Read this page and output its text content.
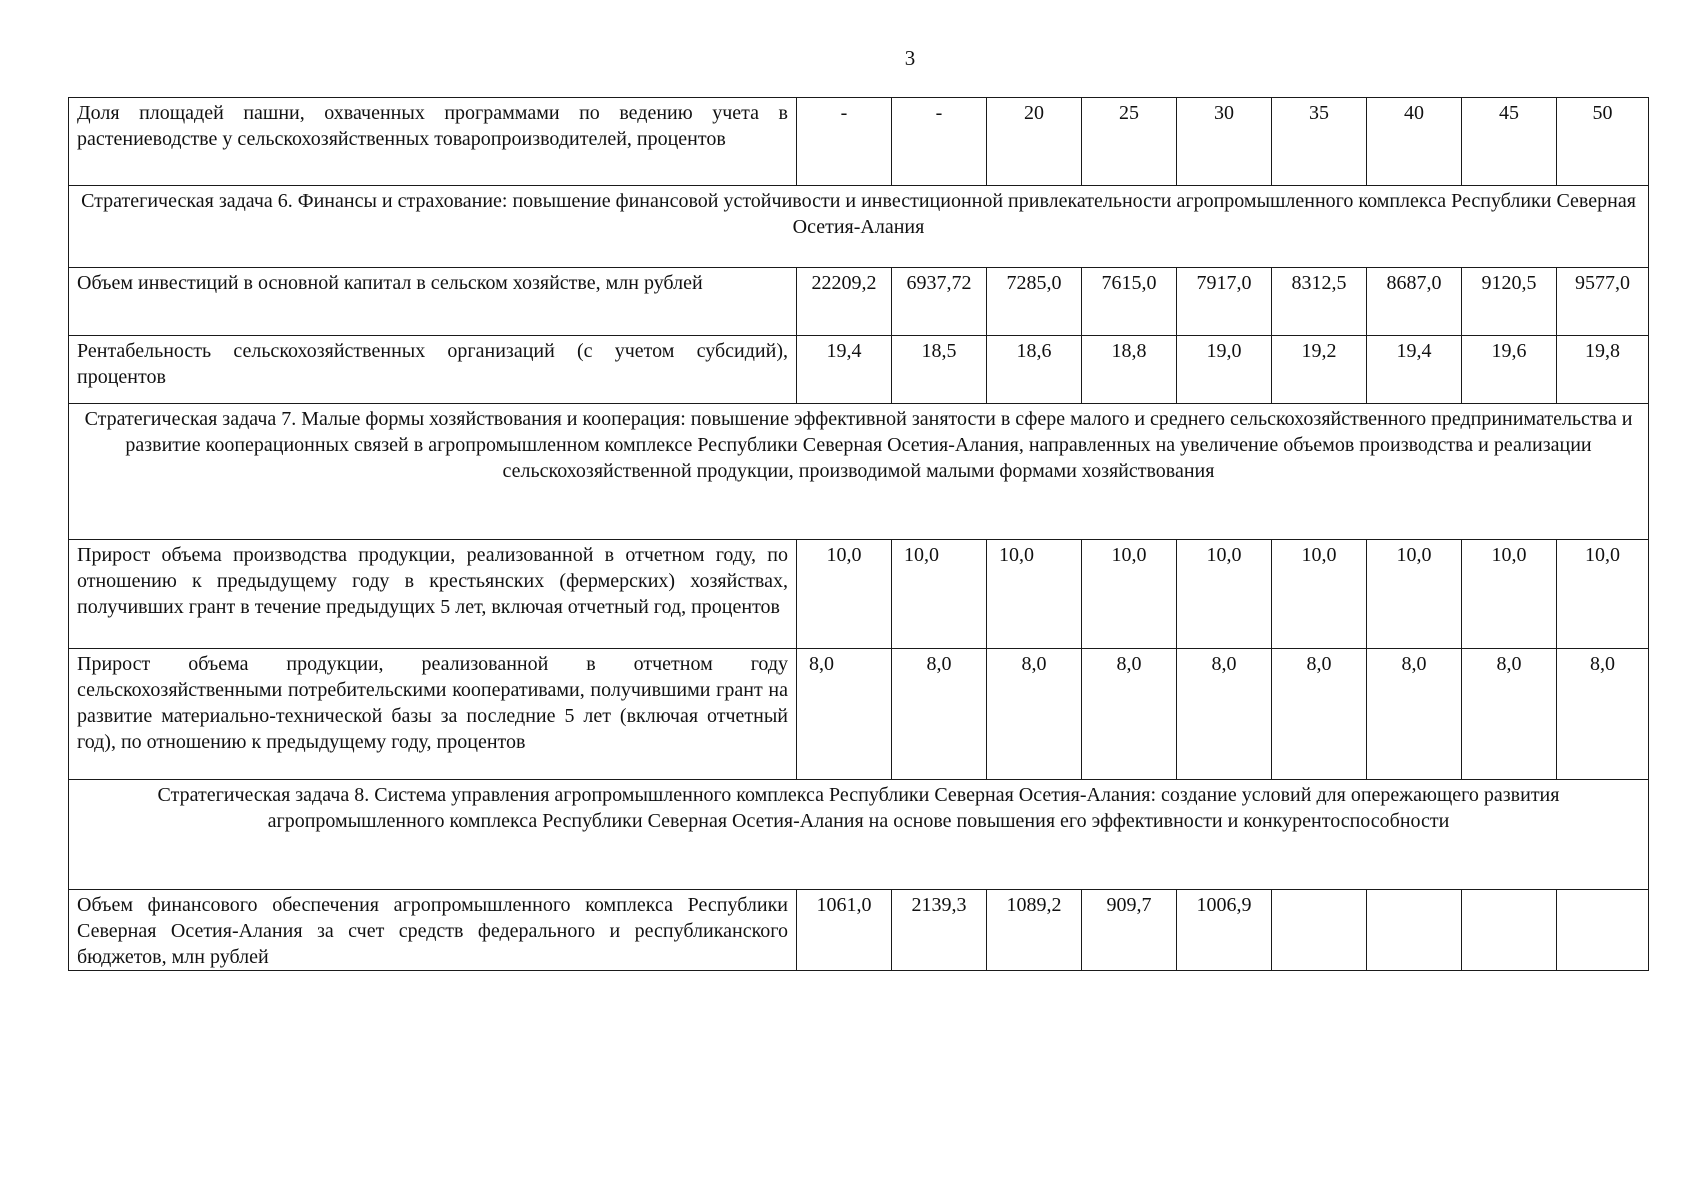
3
Доля площадей пашни, охваченных программами по ведению учета в растениеводстве у сельскохозяйственных товаропроизводителей, процентов	-	-	20	25	30	35	40	45	50
Стратегическая задача 6. Финансы и страхование: повышение финансовой устойчивости и инвестиционной привлекательности агропромышленного комплекса Республики Северная Осетия-Алания									
Объем инвестиций в основной капитал в сельском хозяйстве, млн рублей	22209,2	6937,72	7285,0	7615,0	7917,0	8312,5	8687,0	9120,5	9577,0
Рентабельность сельскохозяйственных организаций (с учетом субсидий), процентов	19,4	18,5	18,6	18,8	19,0	19,2	19,4	19,6	19,8
Стратегическая задача 7. Малые формы хозяйствования и кооперация: повышение эффективной занятости в сфере малого и среднего сельскохозяйственного предпринимательства и развитие кооперационных связей в агропромышленном комплексе Республики Северная Осетия-Алания, направленных на увеличение объемов производства и реализации сельскохозяйственной продукции, производимой малыми формами хозяйствования									
Прирост объема производства продукции, реализованной в отчетном году, по отношению к предыдущему году в крестьянских (фермерских) хозяйствах, получивших грант в течение предыдущих 5 лет, включая отчетный год, процентов	10,0	10,0	10,0	10,0	10,0	10,0	10,0	10,0	10,0
Прирост объема продукции, реализованной в отчетном году сельскохозяйственными потребительскими кооперативами, получившими грант на развитие материально-технической базы за последние 5 лет (включая отчетный год), по отношению к предыдущему году, процентов	8,0	8,0	8,0	8,0	8,0	8,0	8,0	8,0	8,0
Стратегическая задача 8. Система управления агропромышленного комплекса Республики Северная Осетия-Алания: создание условий для опережающего развития агропромышленного комплекса Республики Северная Осетия-Алания на основе повышения его эффективности и конкурентоспособности									
Объем финансового обеспечения агропромышленного комплекса Республики Северная Осетия-Алания за счет средств федерального и республиканского бюджетов, млн рублей	1061,0	2139,3	1089,2	909,7	1006,9				
